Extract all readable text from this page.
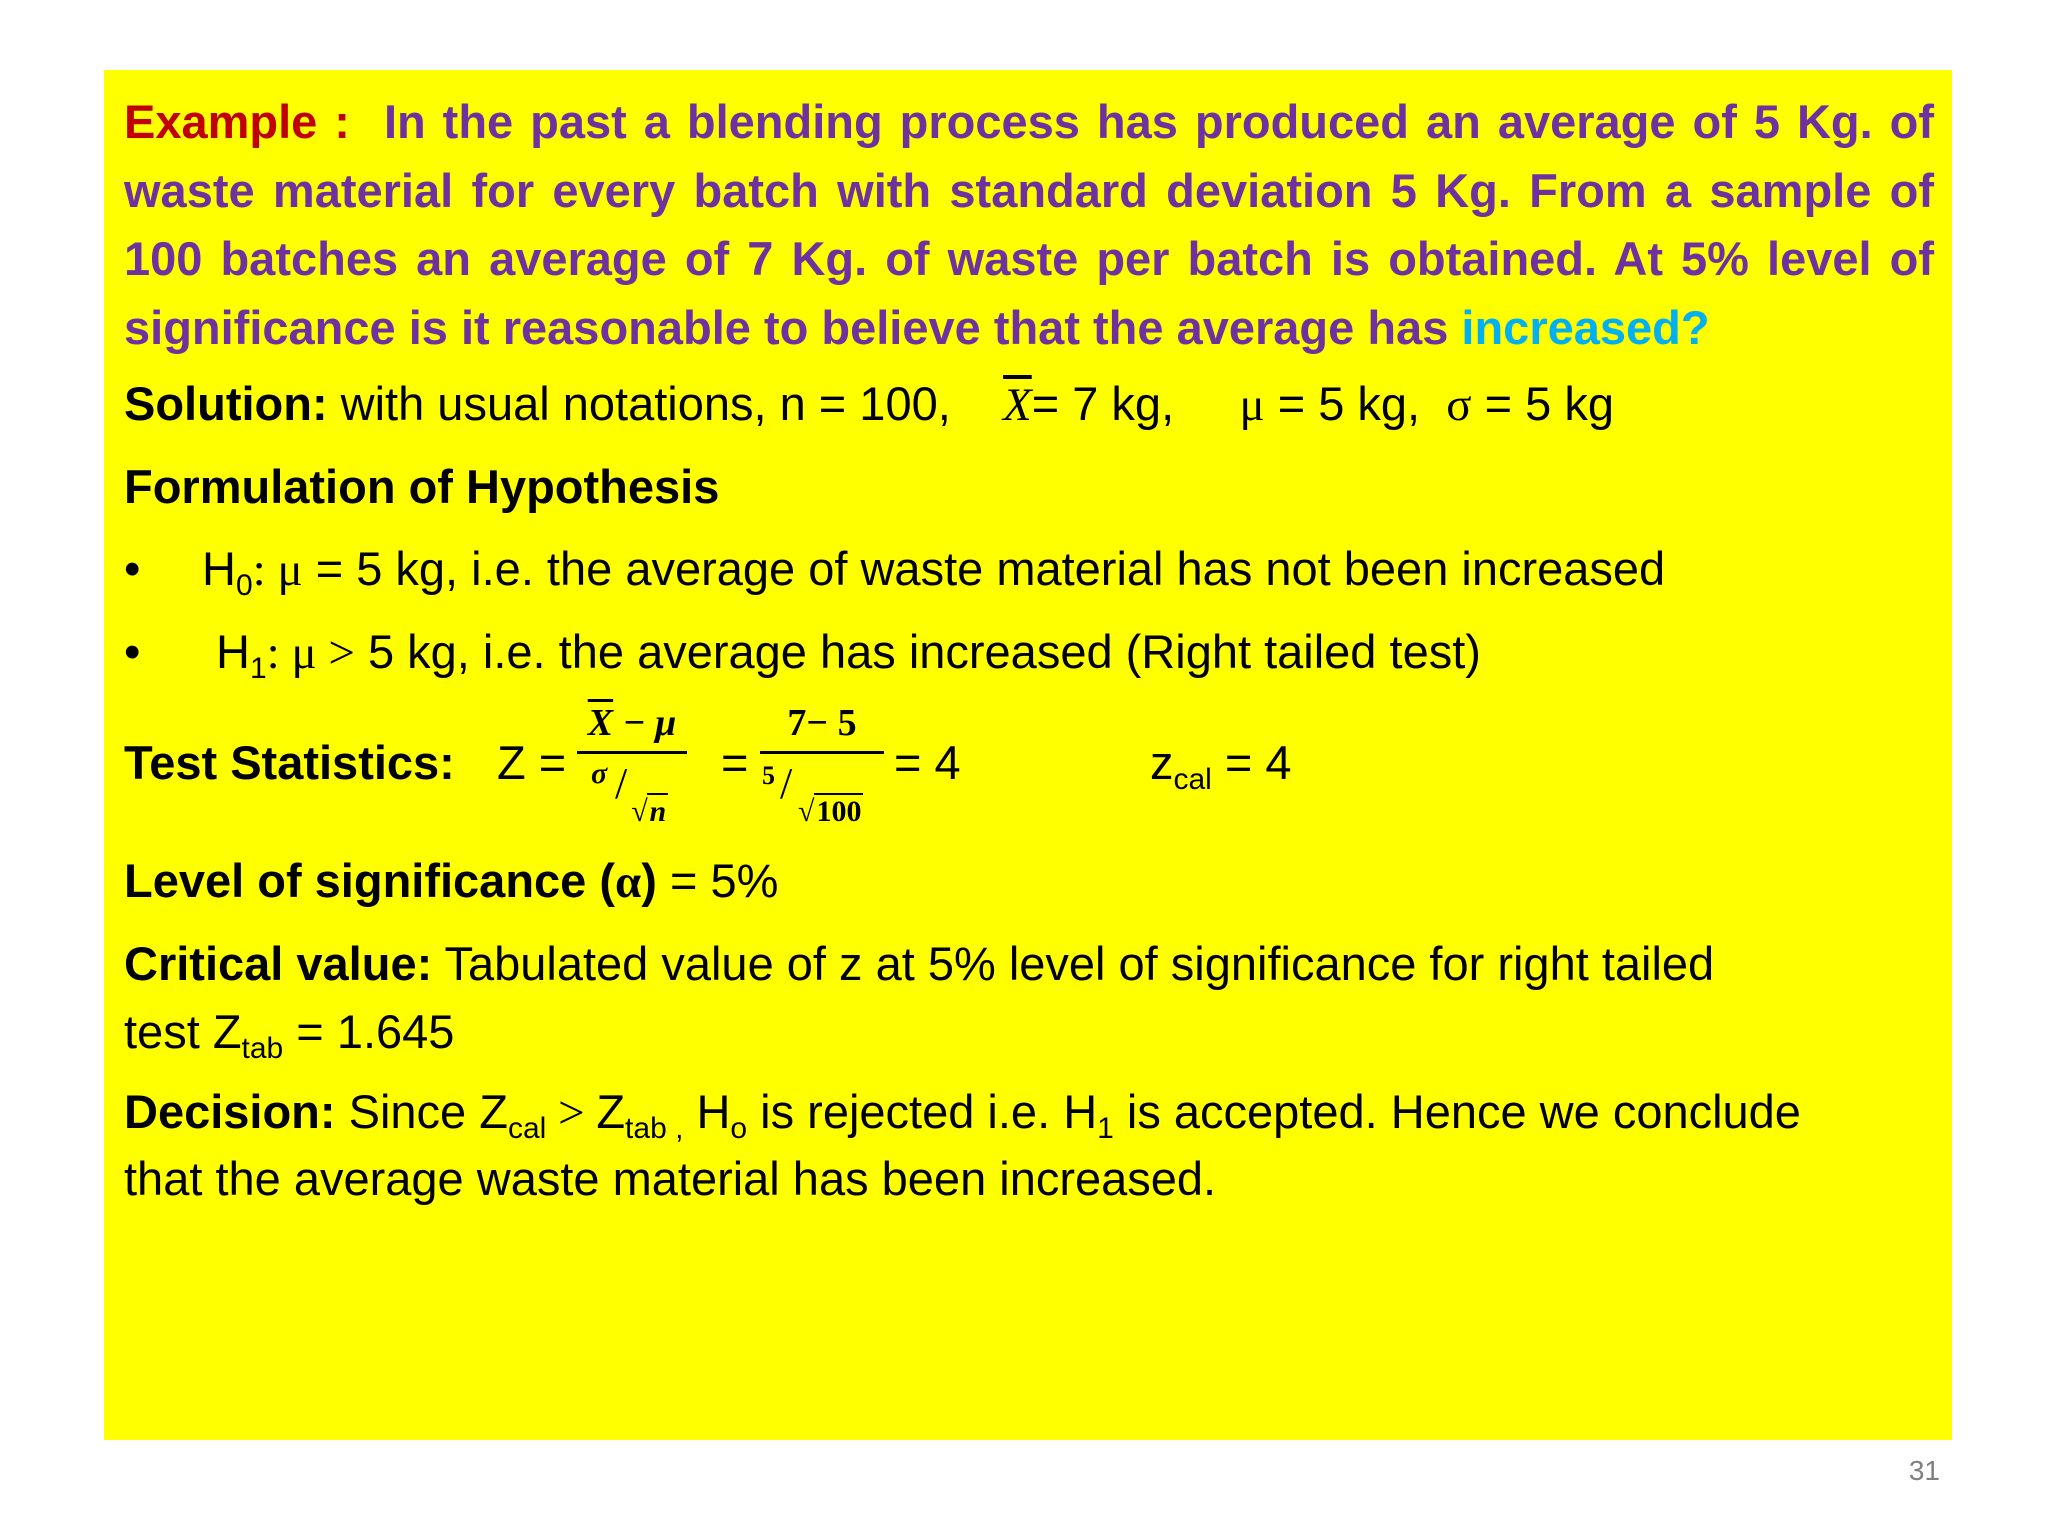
Example : In the past a blending process has produced an average of 5 Kg. of waste material for every batch with standard deviation 5 Kg. From a sample of 100 batches an average of 7 Kg. of waste per batch is obtained. At 5% level of significance is it reasonable to believe that the average has increased?

Solution: with usual notations, n = 100, $\overline{X}= 7$ kg, μ = 5 kg, σ = 5 kg
Formulation of Hypothesis
• $H_0$: μ = 5 kg, i.e. the average of waste material has not been increased
• $H_1$: μ > 5 kg, i.e. the average has increased (Right tailed test)
Test Statistics: Z =
$\overline{X} - \mu$
σ /
√n
=
7− 5
5 /
√100
= 4	$z_{cal} = 4$
Level of significance (α) = 5%
Critical value: Tabulated value of z at 5% level of significance for right tailed
test $Z_{tab} = 1.645$
Decision: Since $Z_{cal} > Z_{tab ,}$ $H_o$ is rejected i.e. $H_1$ is accepted. Hence we conclude
that the average waste material has been increased.
31
